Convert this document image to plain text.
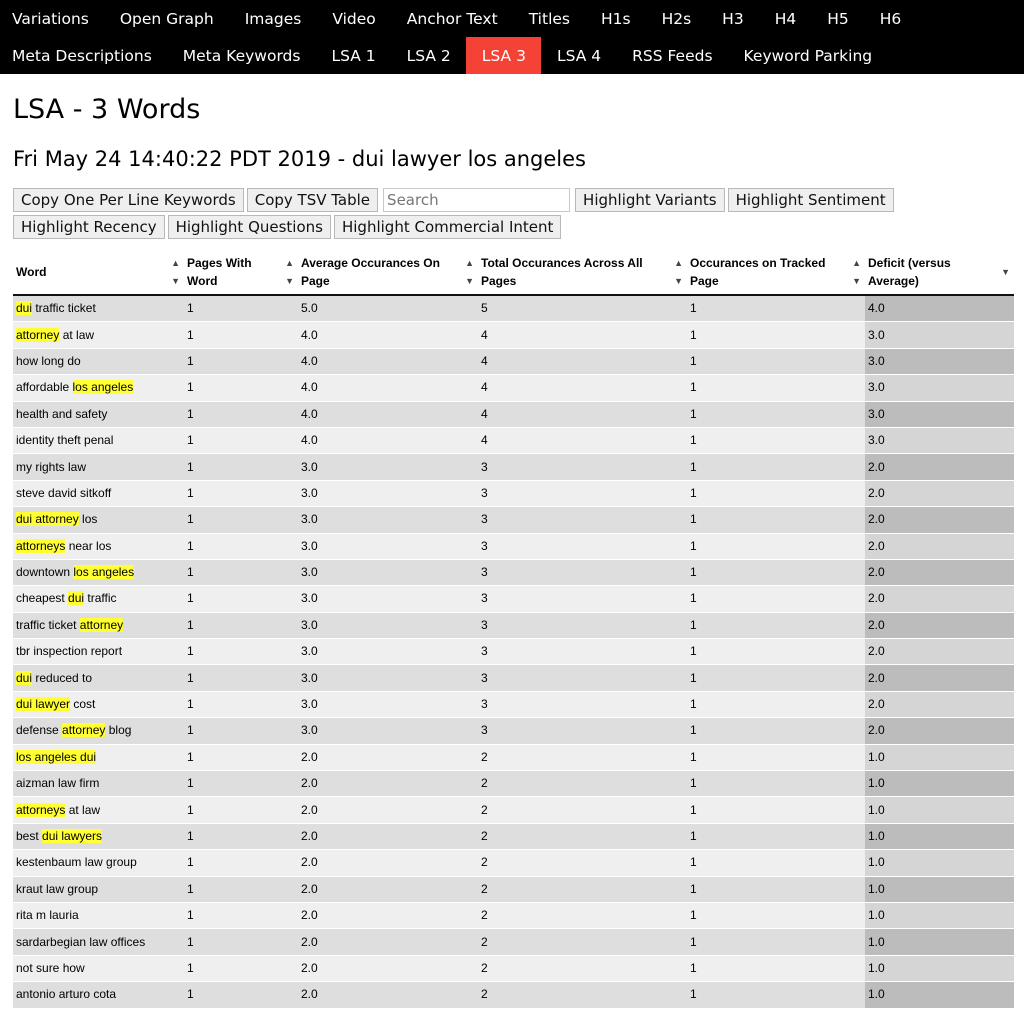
Variations	Open Graph	Images	Video	Anchor Text	Titles	H1s	H2s	H3	H4	H5	H6
Meta Descriptions	Meta Keywords	LSA 1	LSA 2	LSA 3	LSA 4	RSS Feeds	Keyword Parking
LSA - 3 Words
Fri May 24 14:40:22 PDT 2019 - dui lawyer los angeles
Copy One Per Line Keywords	Copy TSV Table
Search	Highlight Variants	Highlight Sentiment
Highlight Recency	Highlight Questions	Highlight Commercial Intent
Word
▲
▼	Pages With Word
▲
▼	Average Occurances On Page
▲
▼	Total Occurances Across All Pages
▲
▼	Occurances on Tracked Page
▲
▼	Deficit (versus Average)
▼

dui traffic ticket	1	5.0	5	1	4.0
attorney at law	1	4.0	4	1	3.0
how long do	1	4.0	4	1	3.0
affordable los angeles	1	4.0	4	1	3.0
health and safety	1	4.0	4	1	3.0
identity theft penal	1	4.0	4	1	3.0
my rights law	1	3.0	3	1	2.0
steve david sitkoff	1	3.0	3	1	2.0
dui attorney los	1	3.0	3	1	2.0
attorneys near los	1	3.0	3	1	2.0
downtown los angeles	1	3.0	3	1	2.0
cheapest dui traffic	1	3.0	3	1	2.0
traffic ticket attorney	1	3.0	3	1	2.0
tbr inspection report	1	3.0	3	1	2.0
dui reduced to	1	3.0	3	1	2.0
dui lawyer cost	1	3.0	3	1	2.0
defense attorney blog	1	3.0	3	1	2.0
los angeles dui	1	2.0	2	1	1.0
aizman law firm	1	2.0	2	1	1.0
attorneys at law	1	2.0	2	1	1.0
best dui lawyers	1	2.0	2	1	1.0
kestenbaum law group	1	2.0	2	1	1.0
kraut law group	1	2.0	2	1	1.0
rita m lauria	1	2.0	2	1	1.0
sardarbegian law offices	1	2.0	2	1	1.0
not sure how	1	2.0	2	1	1.0
antonio arturo cota	1	2.0	2	1	1.0
